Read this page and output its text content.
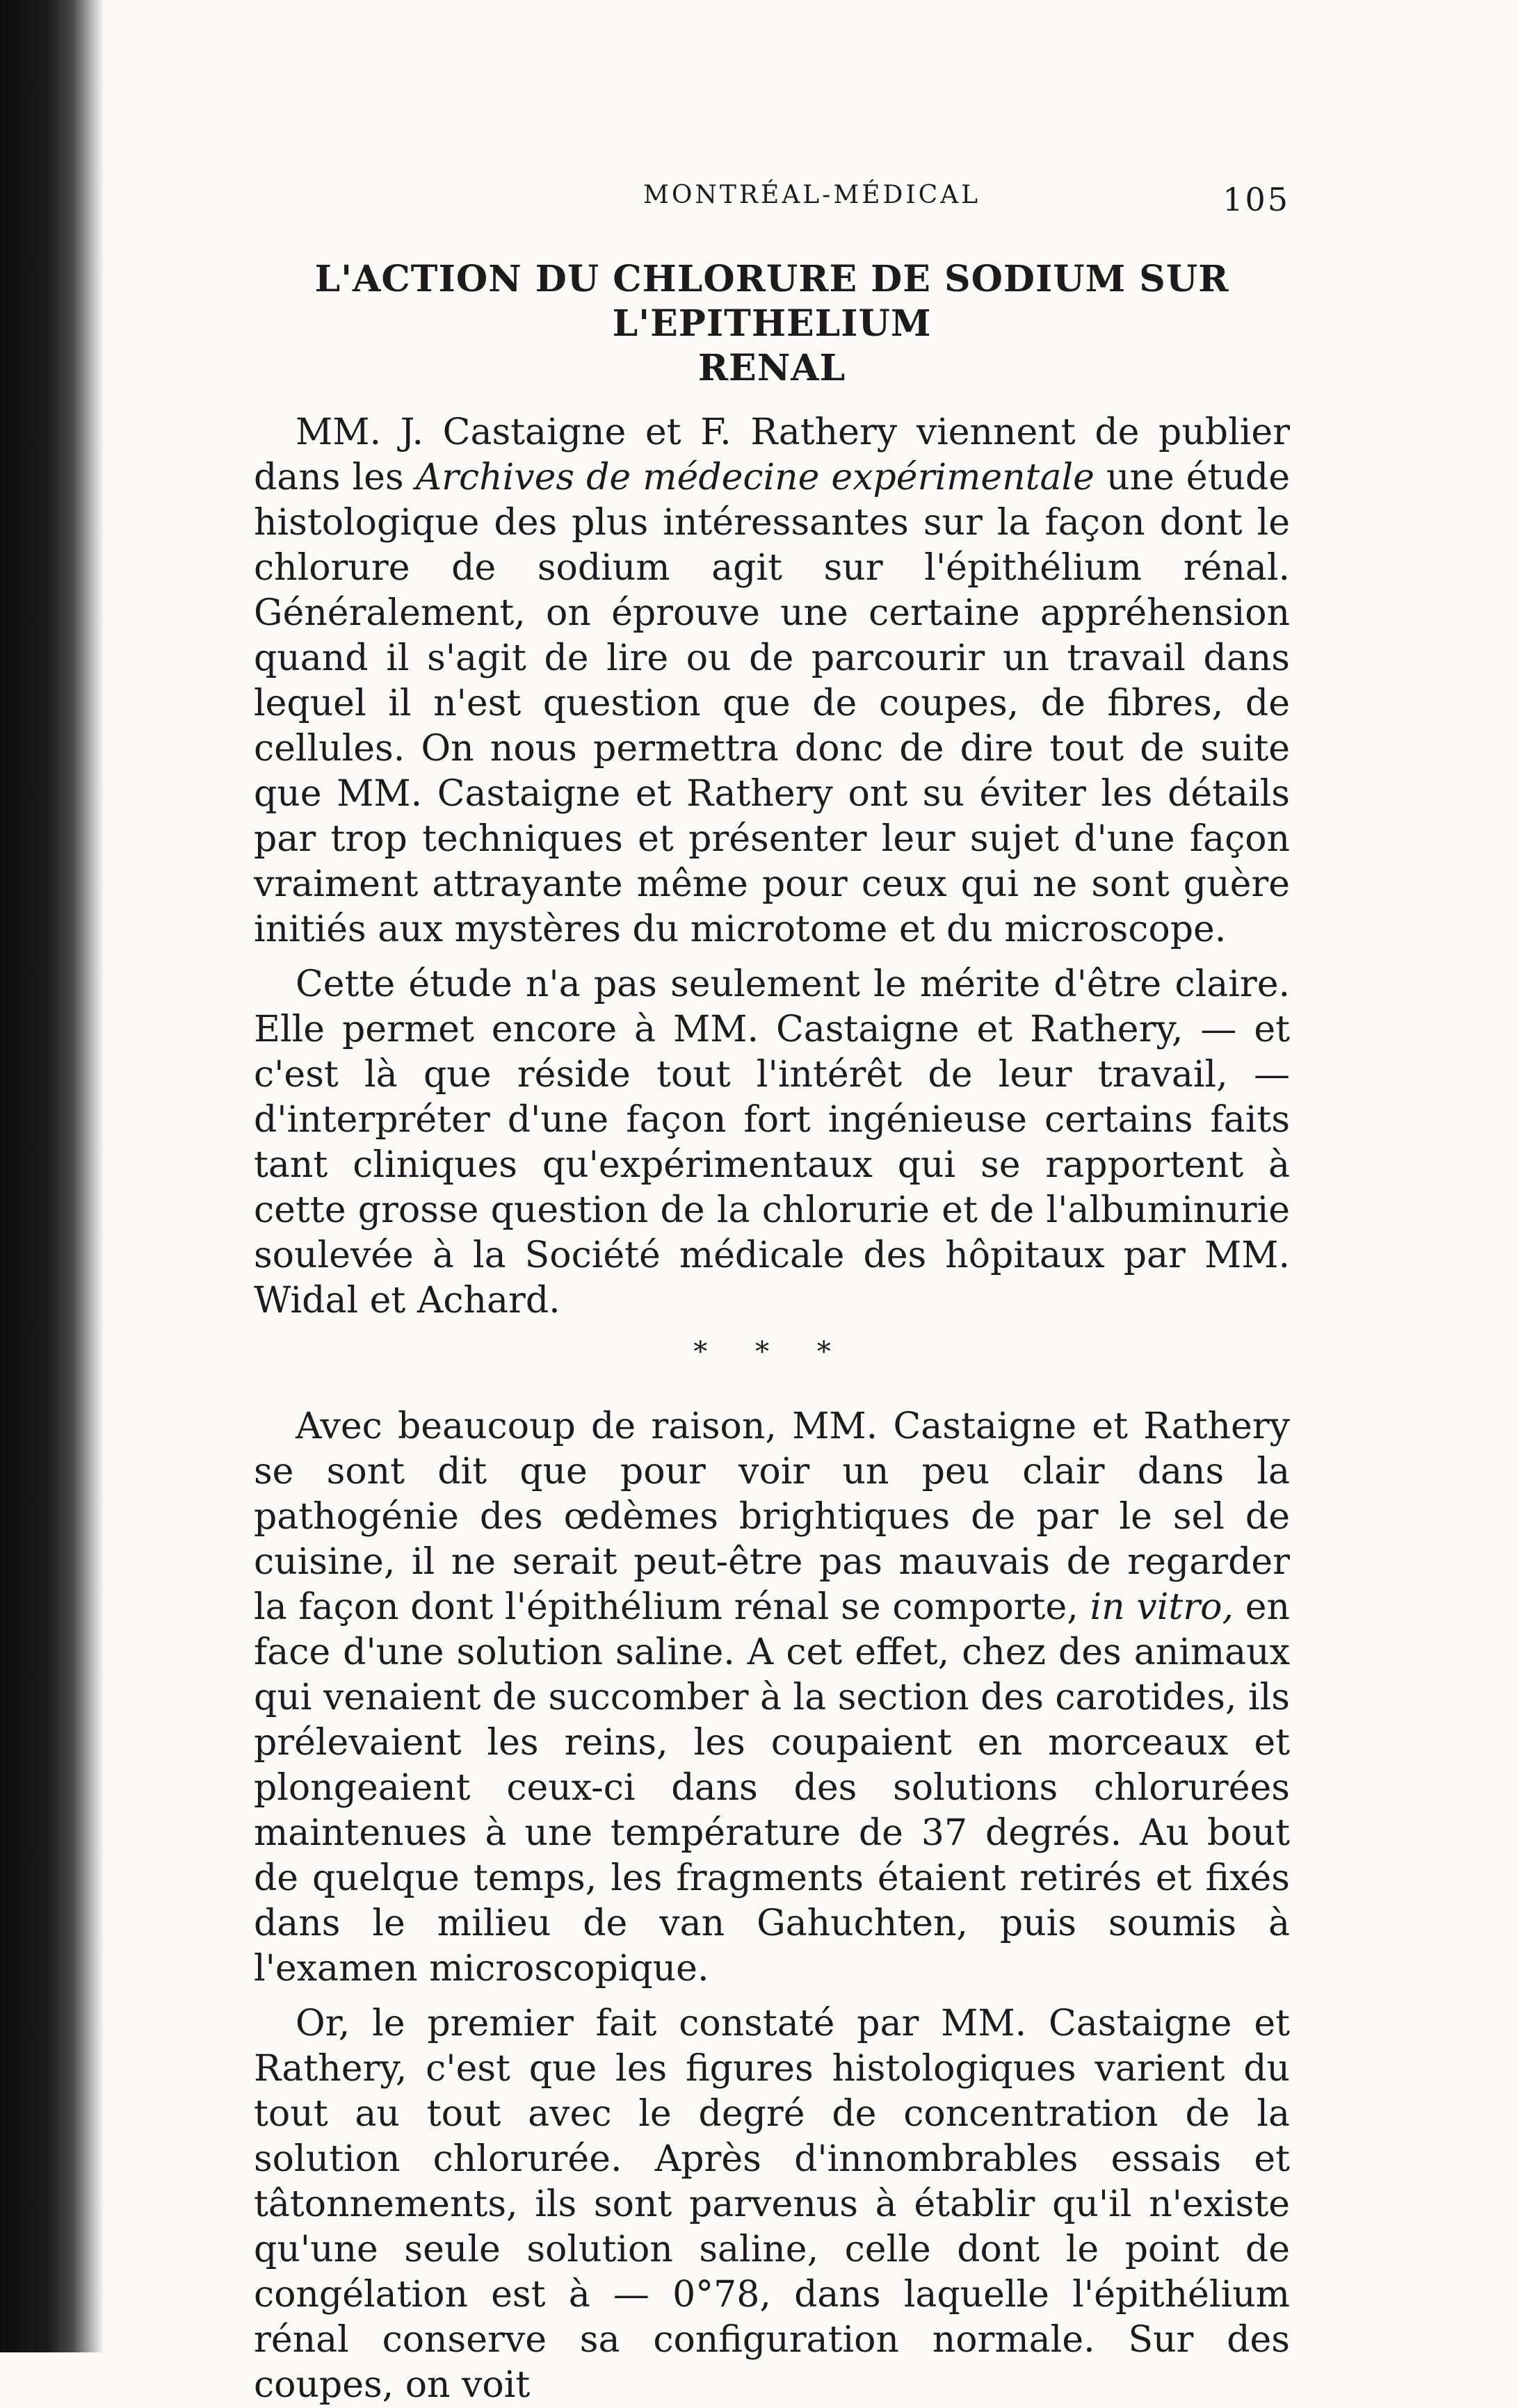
MONTRÉAL-MÉDICAL	105
L'ACTION DU CHLORURE DE SODIUM SUR L'EPITHELIUM
RENAL

MM. J. Castaigne et F. Rathery viennent de publier dans les Archives de médecine expérimentale une étude histologique des plus intéressantes sur la façon dont le chlorure de sodium agit sur l'épithélium rénal. Généralement, on éprouve une certaine appréhension quand il s'agit de lire ou de parcourir un travail dans lequel il n'est question que de coupes, de fibres, de cellules. On nous permettra donc de dire tout de suite que MM. Castaigne et Rathery ont su éviter les détails par trop techniques et présenter leur sujet d'une façon vraiment attrayante même pour ceux qui ne sont guère initiés aux mystères du microtome et du microscope.

Cette étude n'a pas seulement le mérite d'être claire. Elle permet encore à MM. Castaigne et Rathery, — et c'est là que réside tout l'intérêt de leur travail, — d'interpréter d'une façon fort ingénieuse certains faits tant cliniques qu'expérimentaux qui se rapportent à cette grosse question de la chlorurie et de l'albuminurie soulevée à la Société médicale des hôpitaux par MM. Widal et Achard.

* * *

Avec beaucoup de raison, MM. Castaigne et Rathery se sont dit que pour voir un peu clair dans la pathogénie des œdèmes brightiques de par le sel de cuisine, il ne serait peut-être pas mauvais de regarder la façon dont l'épithélium rénal se comporte, in vitro, en face d'une solution saline. A cet effet, chez des animaux qui venaient de succomber à la section des carotides, ils prélevaient les reins, les coupaient en morceaux et plongeaient ceux-ci dans des solutions chlorurées maintenues à une température de 37 degrés. Au bout de quelque temps, les fragments étaient retirés et fixés dans le milieu de van Gahuchten, puis soumis à l'examen microscopique.

Or, le premier fait constaté par MM. Castaigne et Rathery, c'est que les figures histologiques varient du tout au tout avec le degré de concentration de la solution chlorurée. Après d'innombrables essais et tâtonnements, ils sont parvenus à établir qu'il n'existe qu'une seule solution saline, celle dont le point de congélation est à — 0°78, dans laquelle l'épithélium rénal conserve sa configuration normale. Sur des coupes, on voit
